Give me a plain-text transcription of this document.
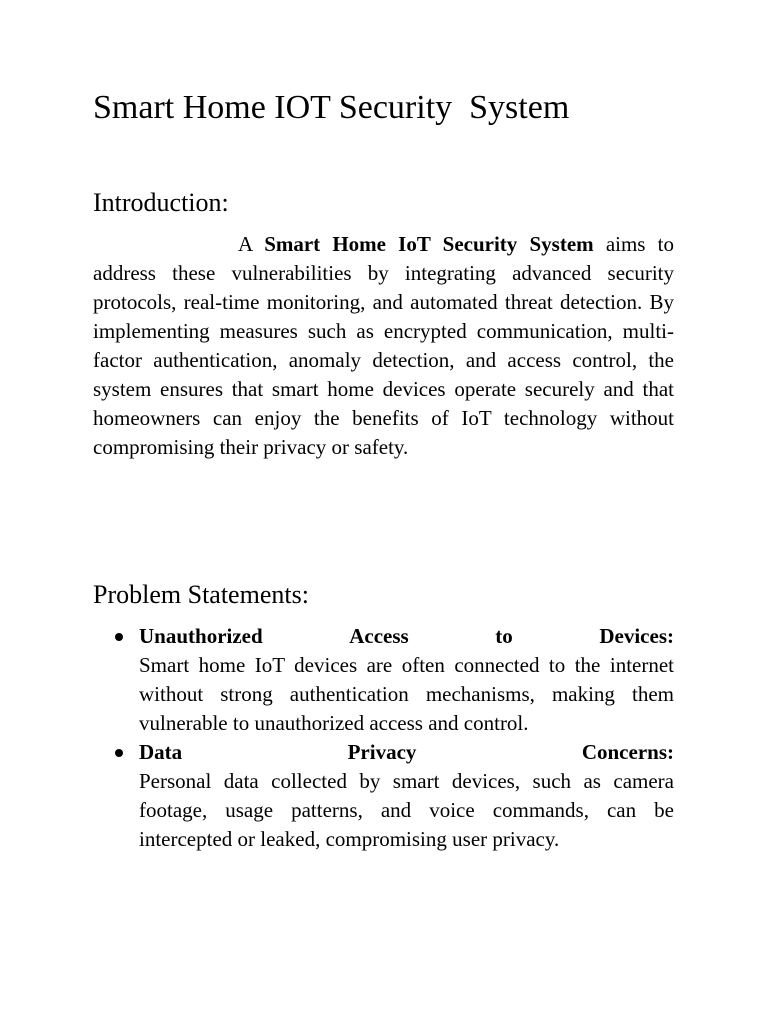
Smart Home IOT Security  System
Introduction:

A Smart Home IoT Security System aims to address these vulnerabilities by integrating advanced security protocols, real-time monitoring, and automated threat detection. By implementing measures such as encrypted communication, multi-factor authentication, anomaly detection, and access control, the system ensures that smart home devices operate securely and that homeowners can enjoy the benefits of IoT technology without compromising their privacy or safety.

Problem Statements:
Unauthorized	Access	to	Devices:
Smart home IoT devices are often connected to the internet without strong authentication mechanisms, making them vulnerable to unauthorized access and control.
Data	Privacy	Concerns:
Personal data collected by smart devices, such as camera footage, usage patterns, and voice commands, can be intercepted or leaked, compromising user privacy.
